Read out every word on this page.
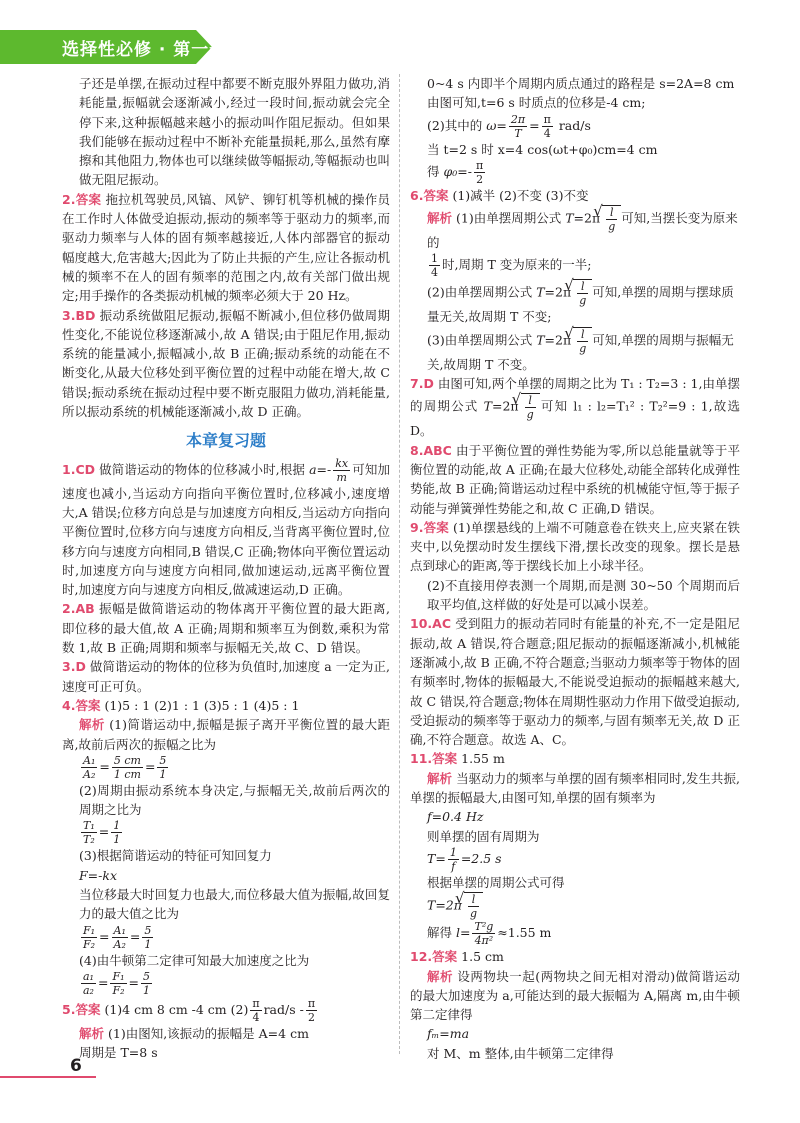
选择性必修 · 第一册

子还是单摆,在振动过程中都要不断克服外界阻力做功,消耗能量,振幅就会逐渐减小,经过一段时间,振动就会完全停下来,这种振幅越来越小的振动叫作阻尼振动。但如果我们能够在振动过程中不断补充能量损耗,那么,虽然有摩擦和其他阻力,物体也可以继续做等幅振动,等幅振动也叫做无阻尼振动。

2.答案 拖拉机驾驶员,风镐、风铲、铆钉机等机械的操作员在工作时人体做受迫振动,振动的频率等于驱动力的频率,而驱动力频率与人体的固有频率越接近,人体内部器官的振动幅度越大,危害越大;因此为了防止共振的产生,应让各振动机械的频率不在人的固有频率的范围之内,故有关部门做出规定;用手操作的各类振动机械的频率必须大于 20 Hz。

3.BD 振动系统做阻尼振动,振幅不断减小,但位移仍做周期性变化,不能说位移逐渐减小,故 A 错误;由于阻尼作用,振动系统的能量减小,振幅减小,故 B 正确;振动系统的动能在不断变化,从最大位移处到平衡位置的过程中动能在增大,故 C 错误;振动系统在振动过程中要不断克服阻力做功,消耗能量,所以振动系统的机械能逐渐减小,故 D 正确。

本章复习题

1.CD 做简谐运动的物体的位移减小时,根据 $a=- \frac{kx}{m}$ 可知加速度也减小,当运动方向指向平衡位置时,位移减小,速度增大,A 错误;位移方向总是与加速度方向相反,当运动方向指向平衡位置时,位移方向与速度方向相反,当背离平衡位置时,位移方向与速度方向相同,B 错误,C 正确;物体向平衡位置运动时,加速度方向与速度方向相同,做加速运动,远离平衡位置时,加速度方向与速度方向相反,做减速运动,D 正确。

2.AB 振幅是做简谐运动的物体离开平衡位置的最大距离,即位移的最大值,故 A 正确;周期和频率互为倒数,乘积为常数 1,故 B 正确;周期和频率与振幅无关,故 C、D 错误。

3.D 做简谐运动的物体的位移为负值时,加速度 a 一定为正,速度可正可负。

4.答案 (1)5 : 1 (2)1 : 1 (3)5 : 1 (4)5 : 1

解析 (1)简谐运动中,振幅是振子离开平衡位置的最大距离,故前后两次的振幅之比为

$\frac{\text{A₁}}{\text{A₂}} = \frac{5 cm}{1 cm} = \frac{5}{1}$

(2)周期由振动系统本身决定,与振幅无关,故前后两次的周期之比为

$\frac{\text{T₁}}{\text{T₂}} = \frac{1}{1}$

(3)根据简谐运动的特征可知回复力

F=-kx

当位移最大时回复力也最大,而位移最大值为振幅,故回复力的最大值之比为

$\frac{\text{F₁}}{\text{F₂}} = \frac{\text{A₁}}{\text{A₂}} = \frac{5}{1}$

(4)由牛顿第二定律可知最大加速度之比为

$\frac{\text{a₁}}{\text{a₂}} = \frac{\text{F₁}}{\text{F₂}} = \frac{5}{1}$

5.答案 (1)4 cm 8 cm -4 cm $(2) \frac{\pi}{4} rad/s - \frac{\pi}{2}$

解析 (1)由图知,该振动的振幅是 A=4 cm

周期是 T=8 s

0~4 s 内即半个周期内质点通过的路程是 s=2A=8 cm

由图可知,t=6 s 时质点的位移是-4 cm;

(2)其中的 $\omega= \frac{2\pi}{T} = \frac{\pi}{4} rad/s$

当 t=2 s 时 x=4 cos(ωt+φ₀)cm=4 cm

得 $\varphi_0=- \frac{\pi}{2}$

6.答案 (1)减半 (2)不变 (3)不变

解析 (1)由单摆周期公式 T=2π √ $\frac{l}{g}$ 可知,当摆长变为原来的
$\frac{1}{4}$ 时,周期 T 变为原来的一半;
(2)由单摆周期公式 T=2π √ $\frac{l}{g}$ 可知,单摆的周期与摆球质量无关,故周期 T 不变;
(3)由单摆周期公式 T=2π √ $\frac{l}{g}$ 可知,单摆的周期与振幅无关,故周期 T 不变。

7.D 由图可知,两个单摆的周期之比为 T₁ : T₂=3 : 1,由单摆的周期公式 T=2π √ $\frac{l}{g}$ 可知 l₁ : l₂=T₁² : T₂²=9 : 1,故选 D。

8.ABC 由于平衡位置的弹性势能为零,所以总能量就等于平衡位置的动能,故 A 正确;在最大位移处,动能全部转化成弹性势能,故 B 正确;简谐运动过程中系统的机械能守恒,等于振子动能与弹簧弹性势能之和,故 C 正确,D 错误。

9.答案 (1)单摆悬线的上端不可随意卷在铁夹上,应夹紧在铁夹中,以免摆动时发生摆线下滑,摆长改变的现象。摆长是悬点到球心的距离,等于摆线长加上小球半径。

(2)不直接用停表测一个周期,而是测 30~50 个周期而后取平均值,这样做的好处是可以减小误差。

10.AC 受到阻力的振动若同时有能量的补充,不一定是阻尼振动,故 A 错误,符合题意;阻尼振动的振幅逐渐减小,机械能逐渐减小,故 B 正确,不符合题意;当驱动力频率等于物体的固有频率时,物体的振幅最大,不能说受迫振动的振幅越来越大,故 C 错误,符合题意;物体在周期性驱动力作用下做受迫振动,受迫振动的频率等于驱动力的频率,与固有频率无关,故 D 正确,不符合题意。故选 A、C。

11.答案 1.55 m

解析 当驱动力的频率与单摆的固有频率相同时,发生共振,单摆的振幅最大,由图可知,单摆的固有频率为

f=0.4 Hz

则单摆的固有周期为

$T= \frac{1}{f} =2.5$ s

根据单摆的周期公式可得

T=2π √ $\frac{l}{g}$
解得 $l= \frac{\text{T²g}}{\text{4π²}} \approx 1.55$ m

12.答案 1.5 cm

解析 设两物块一起(两物块之间无相对滑动)做简谐运动的最大加速度为 a,可能达到的最大振幅为 A,隔离 m,由牛顿第二定律得

fₘ=ma

对 M、m 整体,由牛顿第二定律得

6
